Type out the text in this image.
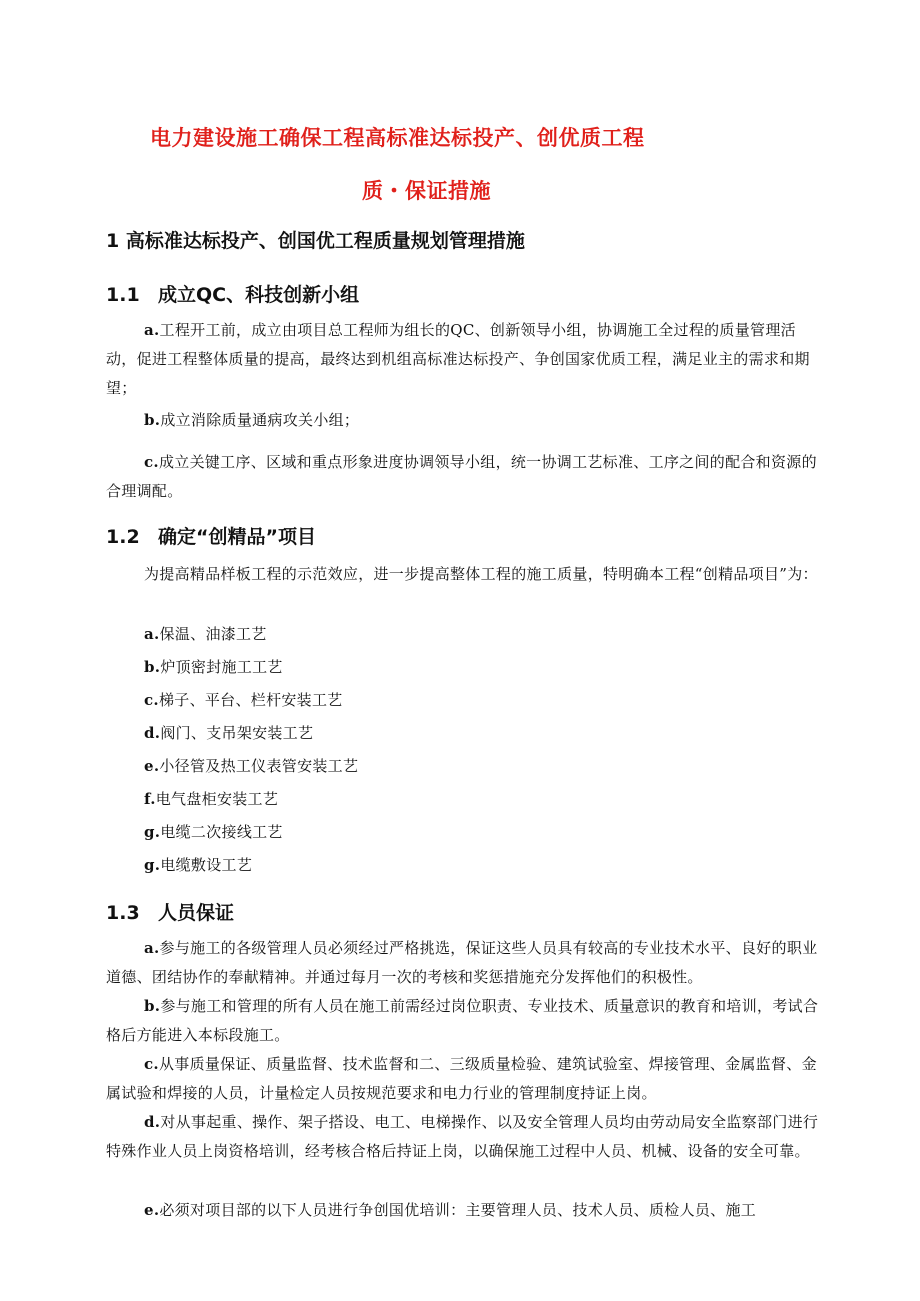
电力建设施工确保工程高标准达标投产、创优质工程
质・保证措施
1 高标准达标投产、创国优工程质量规划管理措施
1.1 成立QC、科技创新小组
a.工程开工前，成立由项目总工程师为组长的QC、创新领导小组，协调施工全过程的质量管理活动，促进工程整体质量的提高，最终达到机组高标准达标投产、争创国家优质工程，满足业主的需求和期望；
b.成立消除质量通病攻关小组；
c.成立关键工序、区域和重点形象进度协调领导小组，统一协调工艺标准、工序之间的配合和资源的合理调配。
1.2 确定“创精品”项目
为提高精品样板工程的示范效应，进一步提高整体工程的施工质量，特明确本工程“创精品项目”为：
a.保温、油漆工艺
b.炉顶密封施工工艺
c.梯子、平台、栏杆安装工艺
d.阀门、支吊架安装工艺
e.小径管及热工仪表管安装工艺
f.电气盘柜安装工艺
g.电缆二次接线工艺
g.电缆敷设工艺
1.3 人员保证
a.参与施工的各级管理人员必须经过严格挑选，保证这些人员具有较高的专业技术水平、良好的职业道德、团结协作的奉献精神。并通过每月一次的考核和奖惩措施充分发挥他们的积极性。
b.参与施工和管理的所有人员在施工前需经过岗位职责、专业技术、质量意识的教育和培训，考试合格后方能进入本标段施工。
c.从事质量保证、质量监督、技术监督和二、三级质量检验、建筑试验室、焊接管理、金属监督、金属试验和焊接的人员，计量检定人员按规范要求和电力行业的管理制度持证上岗。
d.对从事起重、操作、架子搭设、电工、电梯操作、以及安全管理人员均由劳动局安全监察部门进行特殊作业人员上岗资格培训，经考核合格后持证上岗，以确保施工过程中人员、机械、设备的安全可靠。
e.必须对项目部的以下人员进行争创国优培训：主要管理人员、技术人员、质检人员、施工
